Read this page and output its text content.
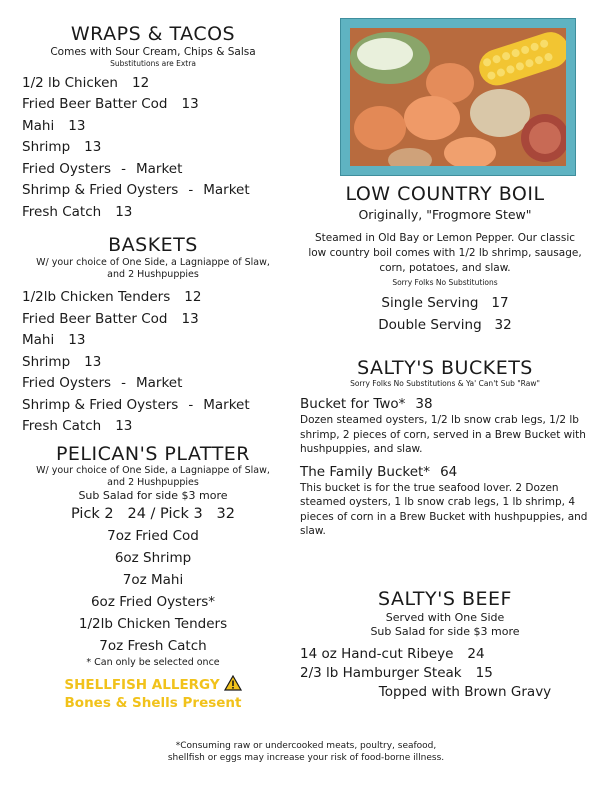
WRAPS & TACOS
Comes with Sour Cream, Chips & Salsa
Substitutions are Extra
1/2 lb Chicken 12
Fried Beer Batter Cod 13
Mahi 13
Shrimp 13
Fried Oysters - Market
Shrimp & Fried Oysters - Market
Fresh Catch 13
BASKETS
W/ your choice of One Side, a Lagniappe of Slaw,
and 2 Hushpuppies
1/2lb Chicken Tenders 12
Fried Beer Batter Cod 13
Mahi 13
Shrimp 13
Fried Oysters - Market
Shrimp & Fried Oysters - Market
Fresh Catch 13
PELICAN'S PLATTER
W/ your choice of One Side, a Lagniappe of Slaw,
and 2 Hushpuppies
Sub Salad for side $3 more
Pick 2   24 / Pick 3   32
7oz Fried Cod
6oz Shrimp
7oz Mahi
6oz Fried Oysters*
1/2lb Chicken Tenders
7oz Fresh Catch
* Can only be selected once
SHELLFISH ALLERGY
Bones & Shells Present
LOW COUNTRY BOIL
Originally, "Frogmore Stew"
Steamed in Old Bay or Lemon Pepper. Our classic
low country boil comes with 1/2 lb shrimp, sausage,
corn, potatoes, and slaw.
Sorry Folks No Substitutions
Single Serving   17
Double Serving   32
SALTY'S BUCKETS
Sorry Folks No Substitutions & Ya' Can't Sub "Raw"
Bucket for Two* 38
Dozen steamed oysters, 1/2 lb snow crab legs, 1/2 lb shrimp, 2 pieces of corn, served in a Brew Bucket with hushpuppies, and slaw.
The Family Bucket* 64
This bucket is for the true seafood lover. 2 Dozen steamed oysters, 1 lb snow crab legs, 1 lb shrimp, 4 pieces of corn in a Brew Bucket with hushpuppies, and slaw.
SALTY'S BEEF
Served with One Side
Sub Salad for side $3 more
14 oz Hand-cut Ribeye 24
2/3 lb Hamburger Steak 15
Topped with Brown Gravy
*Consuming raw or undercooked meats, poultry, seafood,
shellfish or eggs may increase your risk of food-borne illness.
